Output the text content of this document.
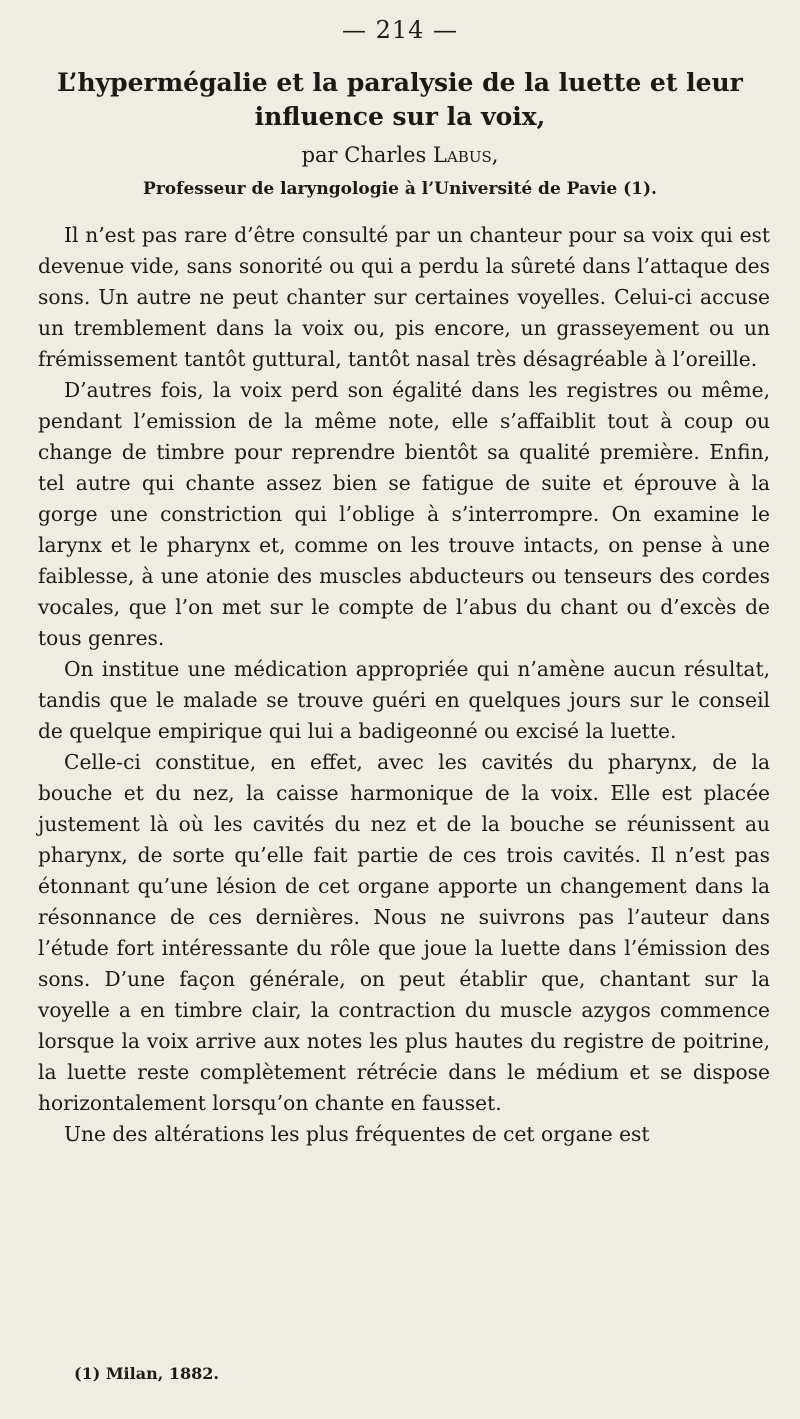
— 214 —
L’hypermégalie et la paralysie de la luette et leur
influence sur la voix,
par Charles Labus,
Professeur de laryngologie à l’Université de Pavie (1).

Il n’est pas rare d’être consulté par un chanteur pour sa voix qui est devenue vide, sans sonorité ou qui a perdu la sûreté dans l’attaque des sons. Un autre ne peut chanter sur certaines voyelles. Celui-ci accuse un tremblement dans la voix ou, pis encore, un grasseyement ou un frémissement tantôt guttural, tantôt nasal très désagréable à l’oreille.

D’autres fois, la voix perd son égalité dans les registres ou même, pendant l’emission de la même note, elle s’affaiblit tout à coup ou change de timbre pour reprendre bientôt sa qualité première. Enfin, tel autre qui chante assez bien se fatigue de suite et éprouve à la gorge une constriction qui l’oblige à s’interrompre. On examine le larynx et le pharynx et, comme on les trouve intacts, on pense à une faiblesse, à une atonie des muscles abducteurs ou tenseurs des cordes vocales, que l’on met sur le compte de l’abus du chant ou d’excès de tous genres.

On institue une médication appropriée qui n’amène aucun résultat, tandis que le malade se trouve guéri en quelques jours sur le conseil de quelque empirique qui lui a badigeonné ou excisé la luette.

Celle-ci constitue, en effet, avec les cavités du pharynx, de la bouche et du nez, la caisse harmonique de la voix. Elle est placée justement là où les cavités du nez et de la bouche se réunissent au pharynx, de sorte qu’elle fait partie de ces trois cavités. Il n’est pas étonnant qu’une lésion de cet organe apporte un changement dans la résonnance de ces dernières. Nous ne suivrons pas l’auteur dans l’étude fort intéressante du rôle que joue la luette dans l’émission des sons. D’une façon générale, on peut établir que, chantant sur la voyelle a en timbre clair, la contraction du muscle azygos commence lorsque la voix arrive aux notes les plus hautes du registre de poitrine, la luette reste complètement rétrécie dans le médium et se dispose horizontalement lorsqu’on chante en fausset.

Une des altérations les plus fréquentes de cet organe est

(1) Milan, 1882.
